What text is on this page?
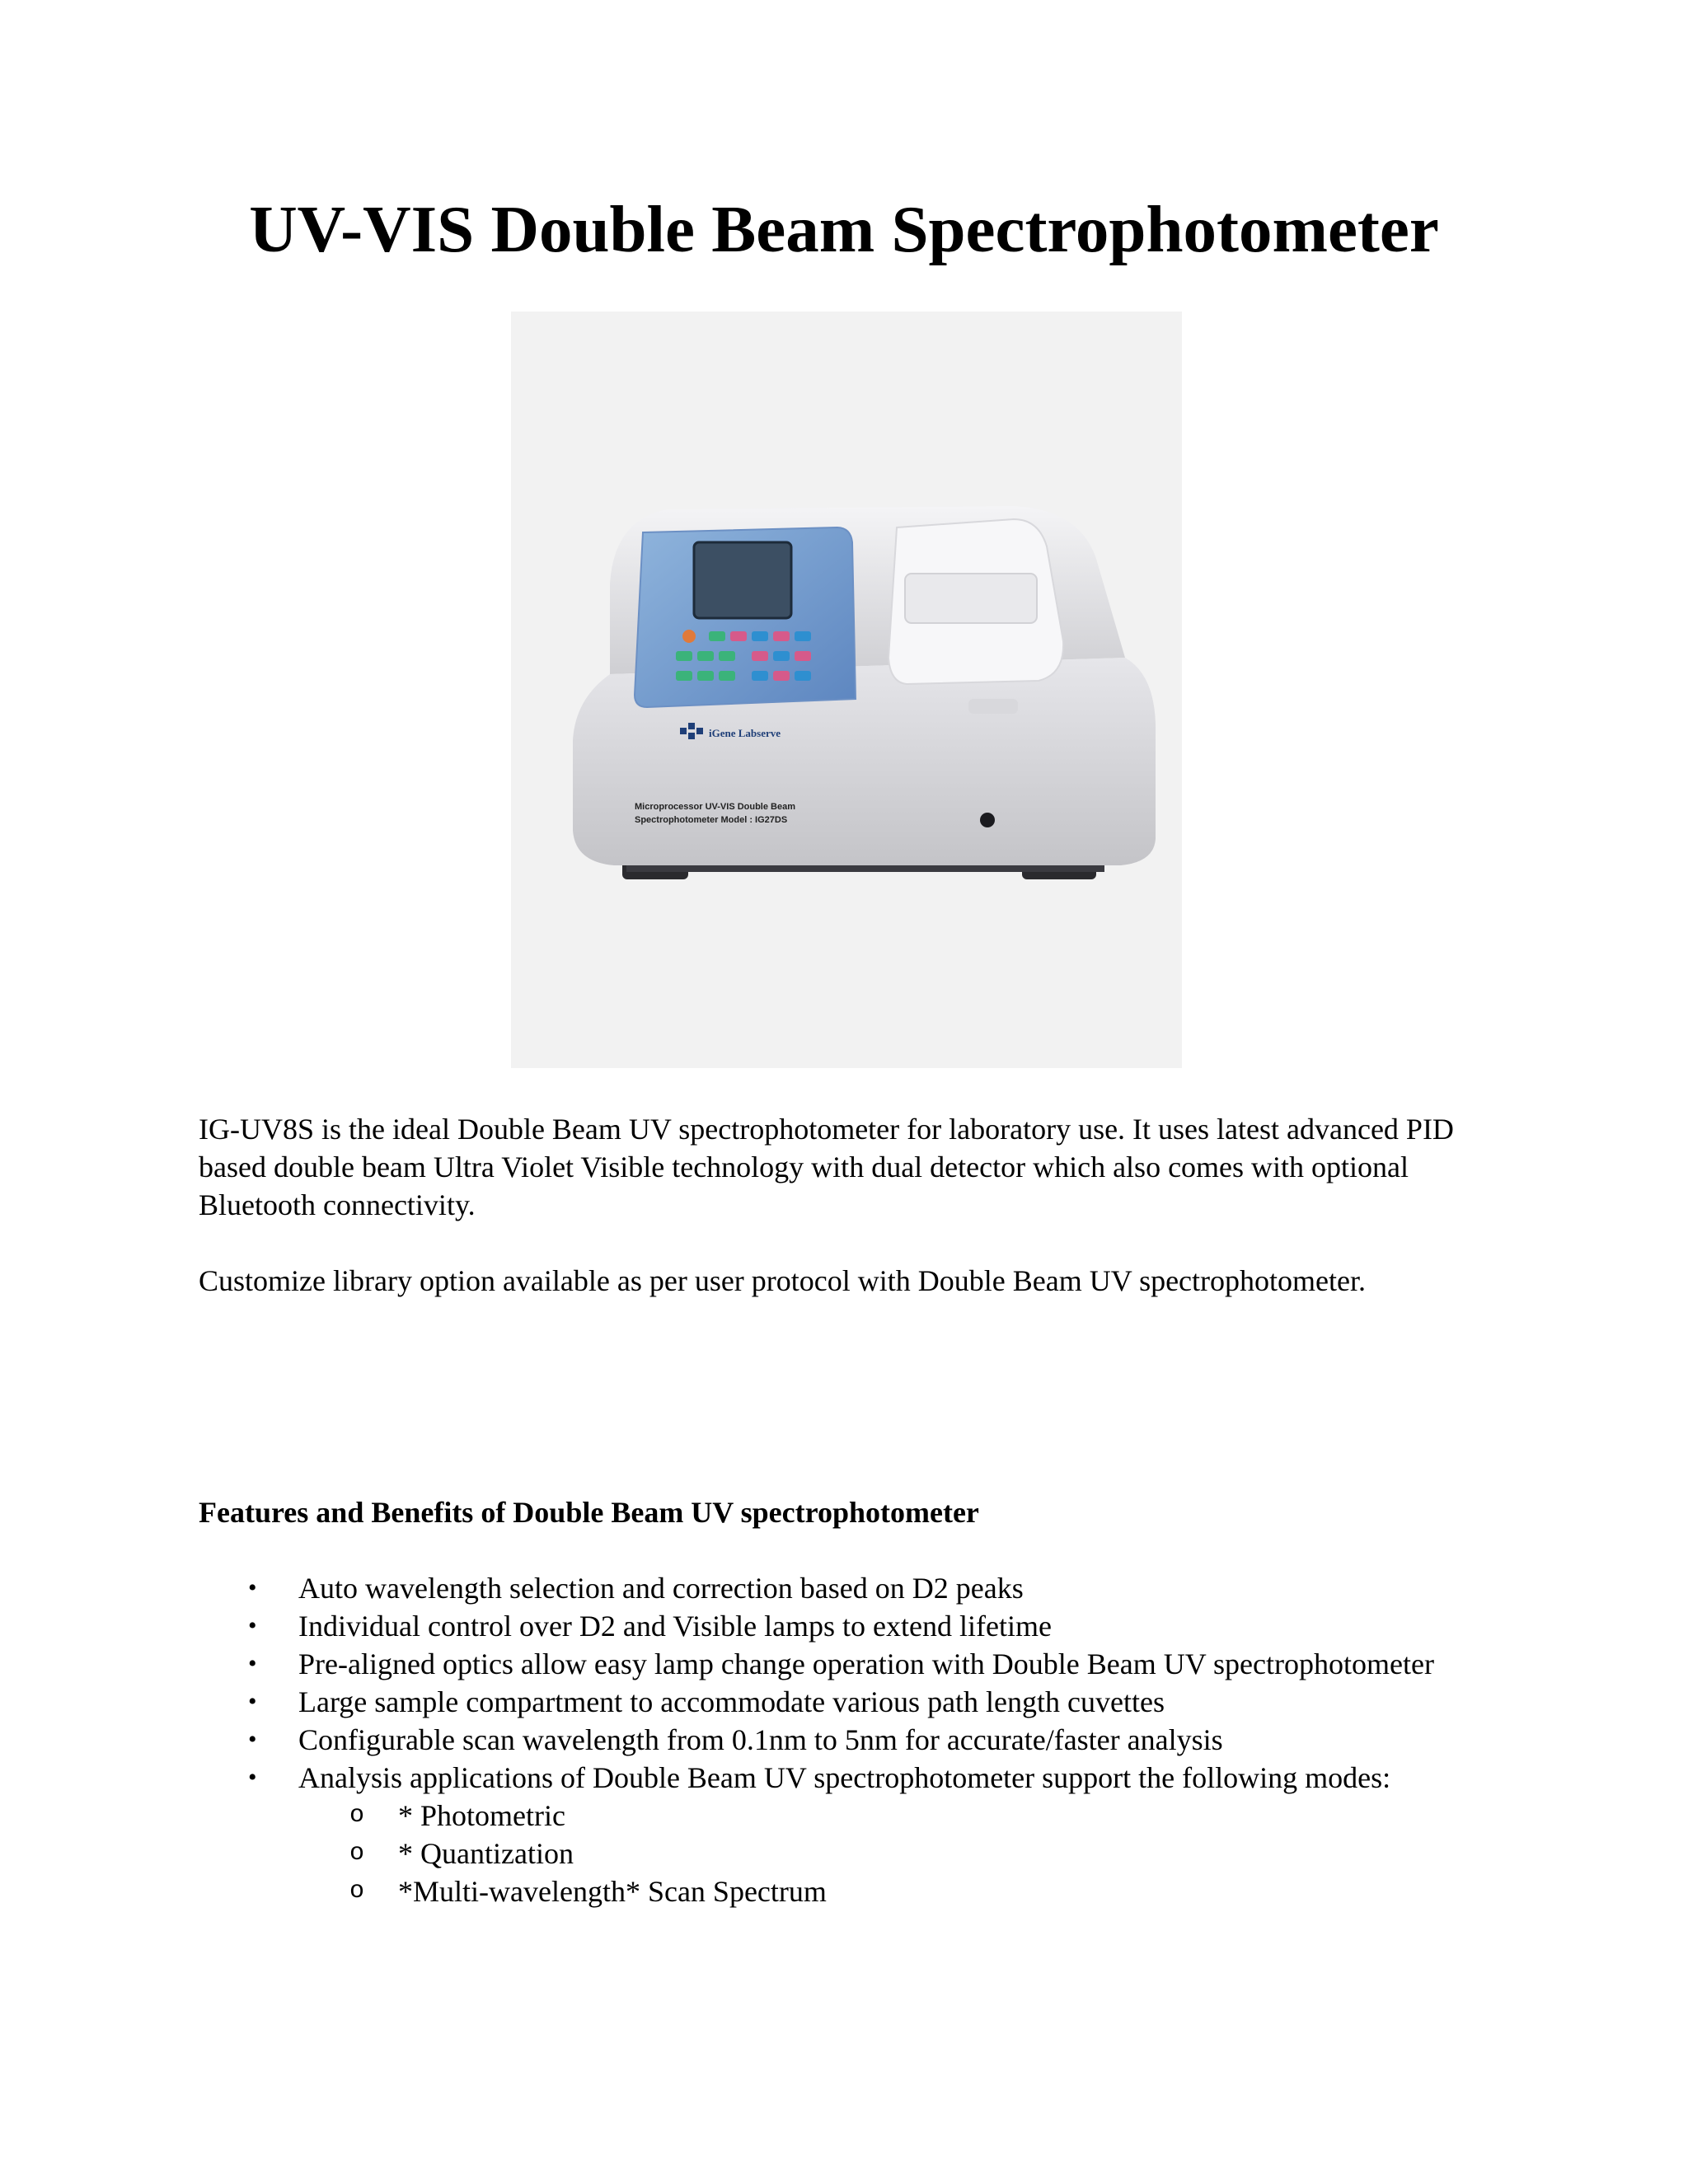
UV-VIS Double Beam Spectrophotometer
iGene Labserve
Microprocessor UV-VIS Double Beam
Spectrophotometer Model : IG27DS

IG-UV8S is the ideal Double Beam UV spectrophotometer for laboratory use. It uses latest advanced PID based double beam Ultra Violet Visible technology with dual detector which also comes with optional Bluetooth connectivity.

Customize library option available as per user protocol with Double Beam UV spectrophotometer.

Features and Benefits of Double Beam UV spectrophotometer
• Auto wavelength selection and correction based on D2 peaks
• Individual control over D2 and Visible lamps to extend lifetime
• Pre-aligned optics allow easy lamp change operation with Double Beam UV spectrophotometer
• Large sample compartment to accommodate various path length cuvettes
• Configurable scan wavelength from 0.1nm to 5nm for accurate/faster analysis
• Analysis applications of Double Beam UV spectrophotometer support the following modes:
o * Photometric
o * Quantization
o *Multi-wavelength* Scan Spectrum
